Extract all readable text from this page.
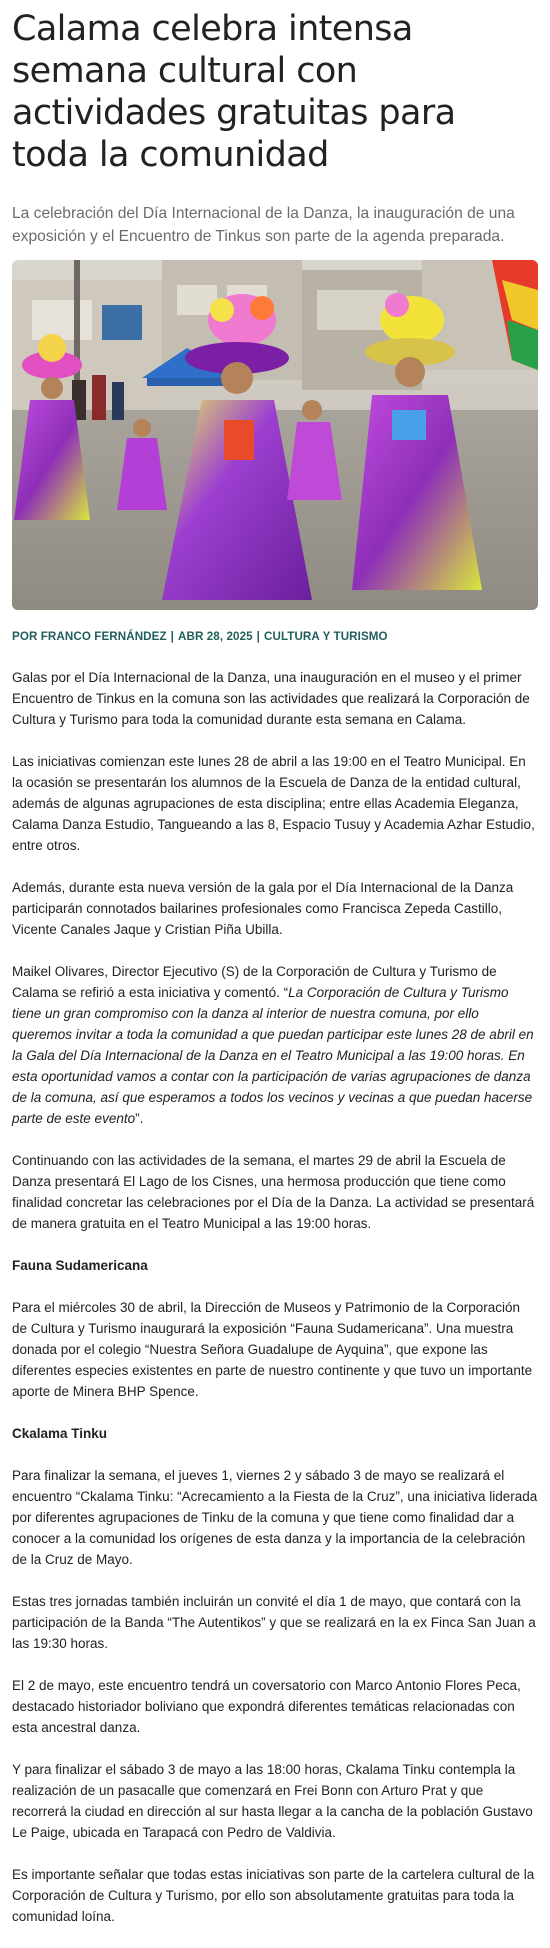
Calama celebra intensa semana cultural con actividades gratuitas para toda la comunidad

La celebración del Día Internacional de la Danza, la inauguración de una exposición y el Encuentro de Tinkus son parte de la agenda preparada.

POR FRANCO FERNÁNDEZ | ABR 28, 2025 | CULTURA Y TURISMO

Galas por el Día Internacional de la Danza, una inauguración en el museo y el primer Encuentro de Tinkus en la comuna son las actividades que realizará la Corporación de Cultura y Turismo para toda la comunidad durante esta semana en Calama.

Las iniciativas comienzan este lunes 28 de abril a las 19:00 en el Teatro Municipal. En la ocasión se presentarán los alumnos de la Escuela de Danza de la entidad cultural, además de algunas agrupaciones de esta disciplina; entre ellas Academia Eleganza, Calama Danza Estudio, Tangueando a las 8, Espacio Tusuy y Academia Azhar Estudio, entre otros.

Además, durante esta nueva versión de la gala por el Día Internacional de la Danza participarán connotados bailarines profesionales como Francisca Zepeda Castillo, Vicente Canales Jaque y Cristian Piña Ubilla.

Maikel Olivares, Director Ejecutivo (S) de la Corporación de Cultura y Turismo de Calama se refirió a esta iniciativa y comentó. “La Corporación de Cultura y Turismo tiene un gran compromiso con la danza al interior de nuestra comuna, por ello queremos invitar a toda la comunidad a que puedan participar este lunes 28 de abril en la Gala del Día Internacional de la Danza en el Teatro Municipal a las 19:00 horas. En esta oportunidad vamos a contar con la participación de varias agrupaciones de danza de la comuna, así que esperamos a todos los vecinos y vecinas a que puedan hacerse parte de este evento”.

Continuando con las actividades de la semana, el martes 29 de abril la Escuela de Danza presentará El Lago de los Cisnes, una hermosa producción que tiene como finalidad concretar las celebraciones por el Día de la Danza. La actividad se presentará de manera gratuita en el Teatro Municipal a las 19:00 horas.

Fauna Sudamericana

Para el miércoles 30 de abril, la Dirección de Museos y Patrimonio de la Corporación de Cultura y Turismo inaugurará la exposición “Fauna Sudamericana”. Una muestra donada por el colegio “Nuestra Señora Guadalupe de Ayquina”, que expone las diferentes especies existentes en parte de nuestro continente y que tuvo un importante aporte de Minera BHP Spence.

Ckalama Tinku

Para finalizar la semana, el jueves 1, viernes 2 y sábado 3 de mayo se realizará el encuentro “Ckalama Tinku: “Acrecamiento a la Fiesta de la Cruz”, una iniciativa liderada por diferentes agrupaciones de Tinku de la comuna y que tiene como finalidad dar a conocer a la comunidad los orígenes de esta danza y la importancia de la celebración de la Cruz de Mayo.

Estas tres jornadas también incluirán un convité el día 1 de mayo, que contará con la participación de la Banda “The Autentikos” y que se realizará en la ex Finca San Juan a las 19:30 horas.

El 2 de mayo, este encuentro tendrá un coversatorio con Marco Antonio Flores Peca, destacado historiador boliviano que expondrá diferentes temáticas relacionadas con esta ancestral danza.

Y para finalizar el sábado 3 de mayo a las 18:00 horas, Ckalama Tinku contempla la realización de un pasacalle que comenzará en Frei Bonn con Arturo Prat y que recorrerá la ciudad en dirección al sur hasta llegar a la cancha de la población Gustavo Le Paige, ubicada en Tarapacá con Pedro de Valdivia.

Es importante señalar que todas estas iniciativas son parte de la cartelera cultural de la Corporación de Cultura y Turismo, por ello son absolutamente gratuitas para toda la comunidad loína.
